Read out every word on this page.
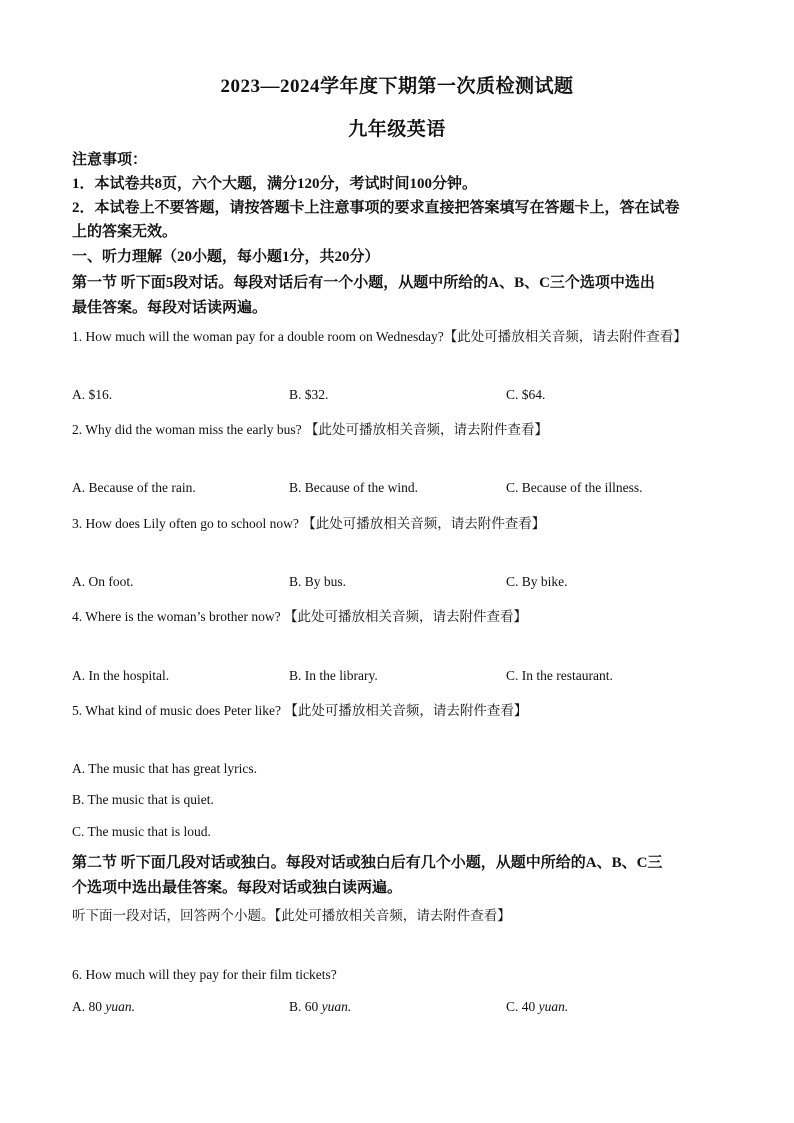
2023—2024学年度下期第一次质检测试题
九年级英语
注意事项：
1．本试卷共8页，六个大题，满分120分，考试时间100分钟。
2．本试卷上不要答题，请按答题卡上注意事项的要求直接把答案填写在答题卡上，答在试卷
上的答案无效。
一、听力理解（20小题，每小题1分，共20分）
第一节 听下面5段对话。每段对话后有一个小题，从题中所给的A、B、C三个选项中选出
最佳答案。每段对话读两遍。
1. How much will the woman pay for a double room on Wednesday?【此处可播放相关音频，请去附件查看】
A. $16.	B. $32.	C. $64.
2. Why did the woman miss the early bus? 【此处可播放相关音频，请去附件查看】
A. Because of the rain.	B. Because of the wind.	C. Because of the illness.
3. How does Lily often go to school now? 【此处可播放相关音频，请去附件查看】
A. On foot.	B. By bus.	C. By bike.
4. Where is the woman’s brother now? 【此处可播放相关音频，请去附件查看】
A. In the hospital.	B. In the library.	C. In the restaurant.
5. What kind of music does Peter like? 【此处可播放相关音频，请去附件查看】
A. The music that has great lyrics.
B. The music that is quiet.
C. The music that is loud.
第二节 听下面几段对话或独白。每段对话或独白后有几个小题，从题中所给的A、B、C三
个选项中选出最佳答案。每段对话或独白读两遍。
听下面一段对话，回答两个小题。【此处可播放相关音频，请去附件查看】
6. How much will they pay for their film tickets?
A. 80 yuan.	B. 60 yuan.	C. 40 yuan.
